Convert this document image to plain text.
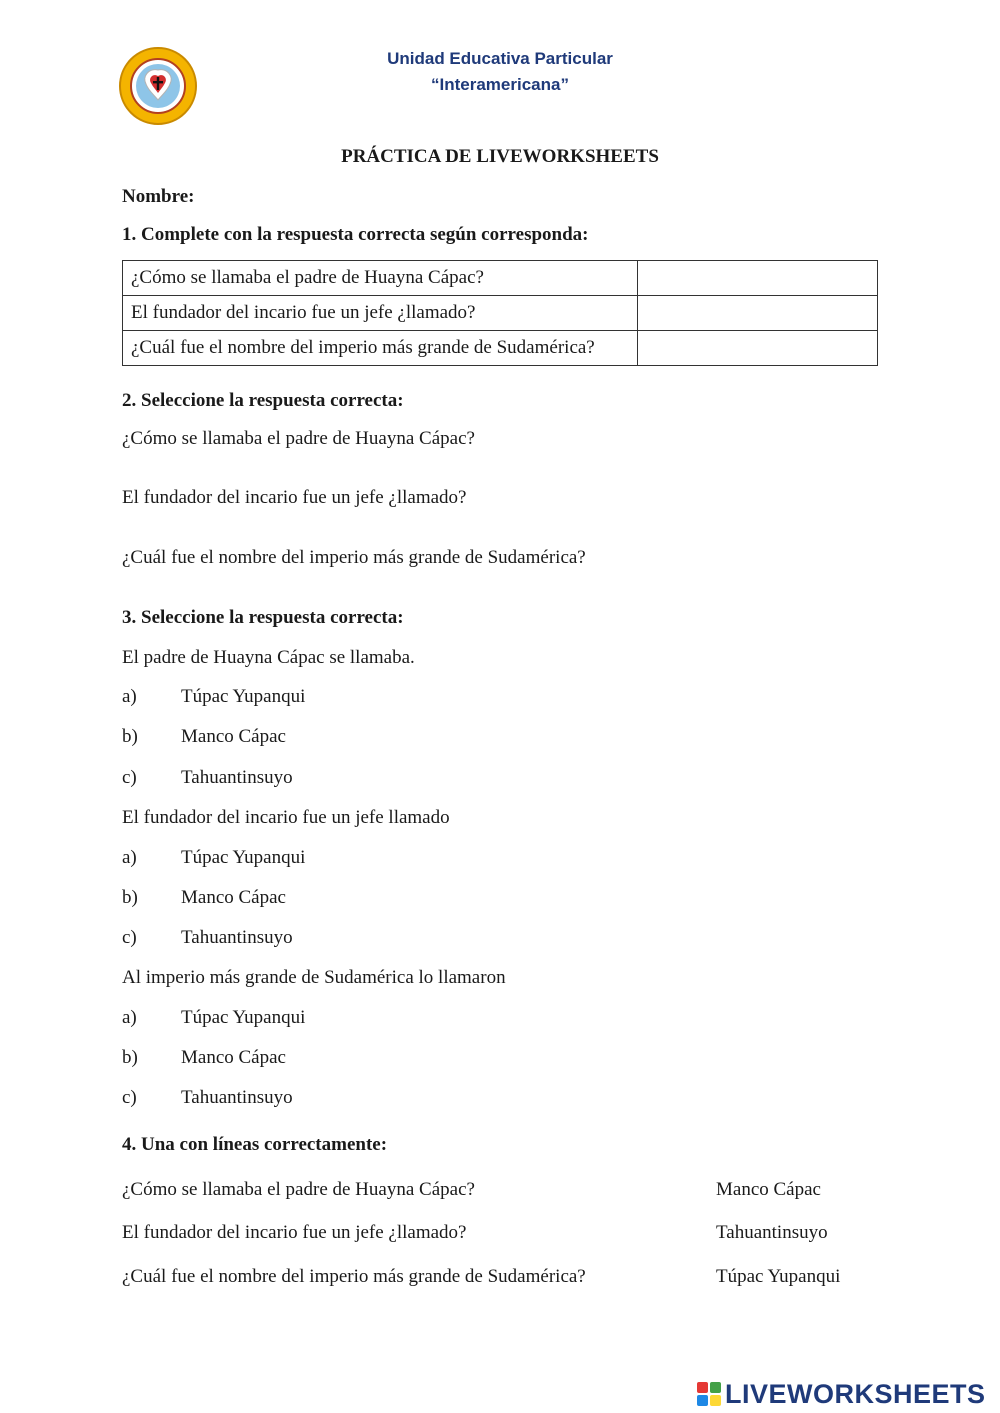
Unidad Educativa Particular
“Interamericana”
PRÁCTICA DE LIVEWORKSHEETS
Nombre:
1. Complete con la respuesta correcta según corresponda:
¿Cómo se llamaba el padre de Huayna Cápac?	
El fundador del incario fue un jefe ¿llamado?	
¿Cuál fue el nombre del imperio más grande de Sudamérica?	
2. Seleccione la respuesta correcta:
¿Cómo se llamaba el padre de Huayna Cápac?
El fundador del incario fue un jefe ¿llamado?
¿Cuál fue el nombre del imperio más grande de Sudamérica?
3. Seleccione la respuesta correcta:
El padre de Huayna Cápac se llamaba.
a) Túpac Yupanqui
b) Manco Cápac
c) Tahuantinsuyo
El fundador del incario fue un jefe llamado
a) Túpac Yupanqui
b) Manco Cápac
c) Tahuantinsuyo
Al imperio más grande de Sudamérica lo llamaron
a) Túpac Yupanqui
b) Manco Cápac
c) Tahuantinsuyo
4. Una con líneas correctamente:
¿Cómo se llamaba el padre de Huayna Cápac?	Manco Cápac
El fundador del incario fue un jefe ¿llamado?	Tahuantinsuyo
¿Cuál fue el nombre del imperio más grande de Sudamérica?	Túpac Yupanqui
LIVEWORKSHEETS
